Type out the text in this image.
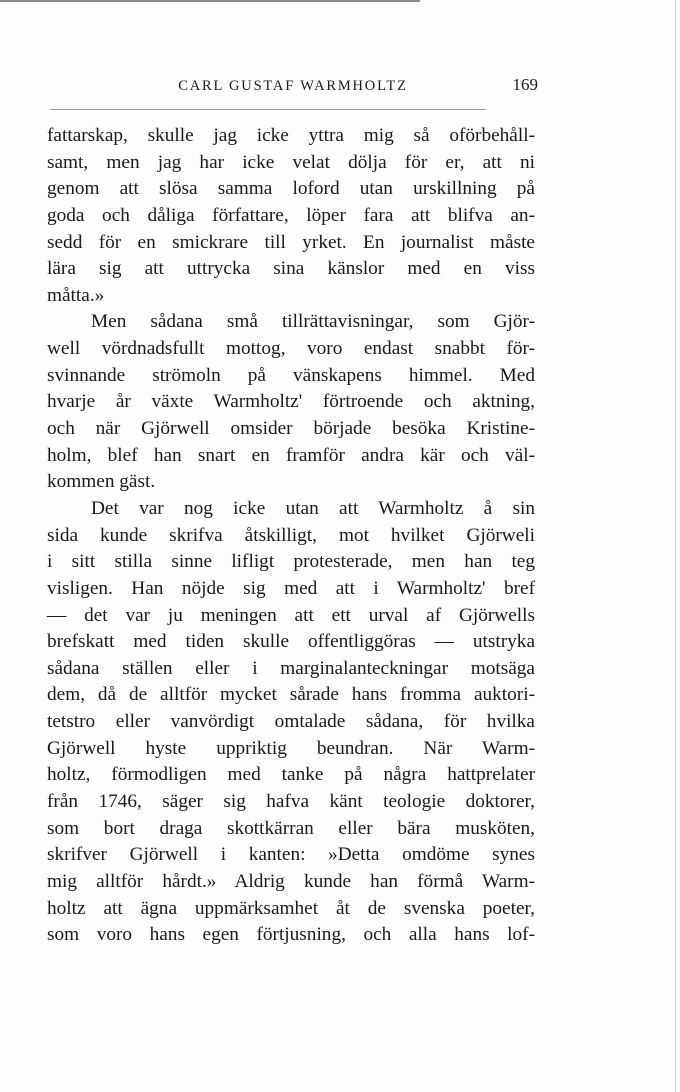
CARL GUSTAF WARMHOLTZ	169
fattarskap, skulle jag icke yttra mig så oförbehåll-
samt, men jag har icke velat dölja för er, att ni
genom att slösa samma loford utan urskillning på
goda och dåliga författare, löper fara att blifva an-
sedd för en smickrare till yrket. En journalist måste
lära sig att uttrycka sina känslor med en viss
måtta.»
Men sådana små tillrättavisningar, som Gjör-
well vördnadsfullt mottog, voro endast snabbt för-
svinnande strömoln på vänskapens himmel. Med
hvarje år växte Warmholtz' förtroende och aktning,
och när Gjörwell omsider började besöka Kristine-
holm, blef han snart en framför andra kär och väl-
kommen gäst.
Det var nog icke utan att Warmholtz å sin
sida kunde skrifva åtskilligt, mot hvilket Gjörweli
i sitt stilla sinne lifligt protesterade, men han teg
visligen. Han nöjde sig med att i Warmholtz' bref
— det var ju meningen att ett urval af Gjörwells
brefskatt med tiden skulle offentliggöras — utstryka
sådana ställen eller i marginalanteckningar motsäga
dem, då de alltför mycket sårade hans fromma auktori-
tetstro eller vanvördigt omtalade sådana, för hvilka
Gjörwell hyste uppriktig beundran. När Warm-
holtz, förmodligen med tanke på några hattprelater
från 1746, säger sig hafva känt teologie doktorer,
som bort draga skottkärran eller bära musköten,
skrifver Gjörwell i kanten: »Detta omdöme synes
mig alltför hårdt.» Aldrig kunde han förmå Warm-
holtz att ägna uppmärksamhet åt de svenska poeter,
som voro hans egen förtjusning, och alla hans lof-
